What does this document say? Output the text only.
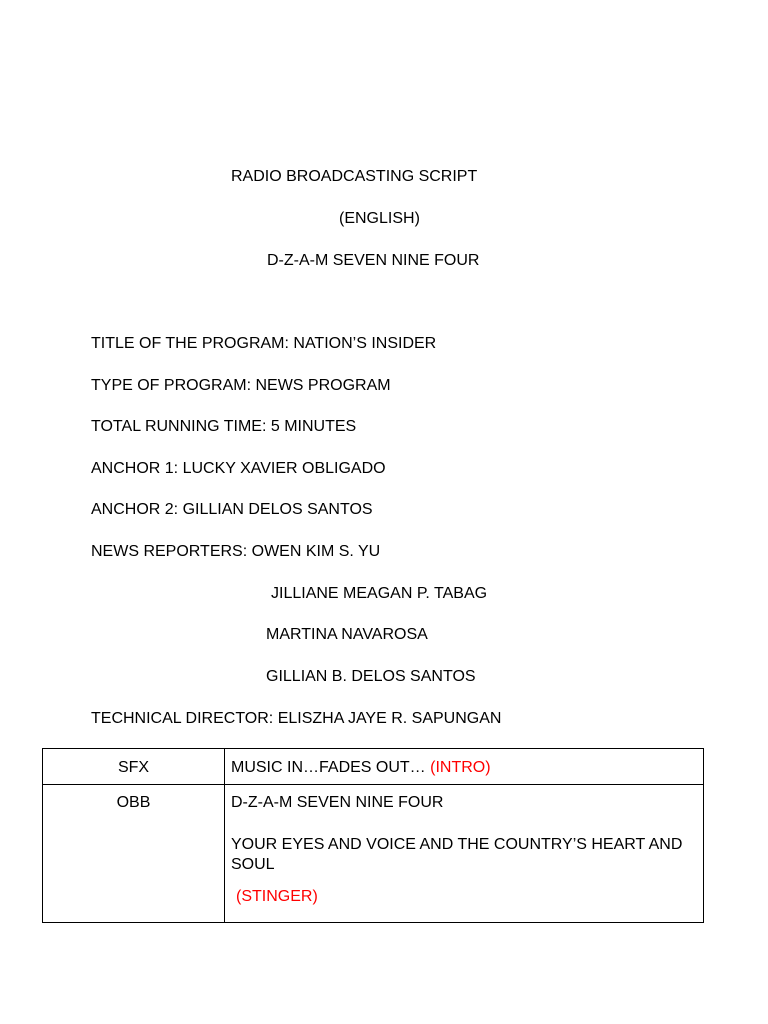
RADIO BROADCASTING SCRIPT
(ENGLISH)
D-Z-A-M SEVEN NINE FOUR
TITLE OF THE PROGRAM: NATION’S INSIDER
TYPE OF PROGRAM: NEWS PROGRAM
TOTAL RUNNING TIME: 5 MINUTES
ANCHOR 1: LUCKY XAVIER OBLIGADO
ANCHOR 2: GILLIAN DELOS SANTOS
NEWS REPORTERS: OWEN KIM S. YU
JILLIANE MEAGAN P. TABAG
MARTINA NAVAROSA
GILLIAN B. DELOS SANTOS
TECHNICAL DIRECTOR: ELISZHA JAYE R. SAPUNGAN
SFX	MUSIC IN…FADES OUT… (INTRO)

OBB	D-Z-A-M SEVEN NINE FOUR

YOUR EYES AND VOICE AND THE COUNTRY’S HEART AND SOUL

(STINGER)
